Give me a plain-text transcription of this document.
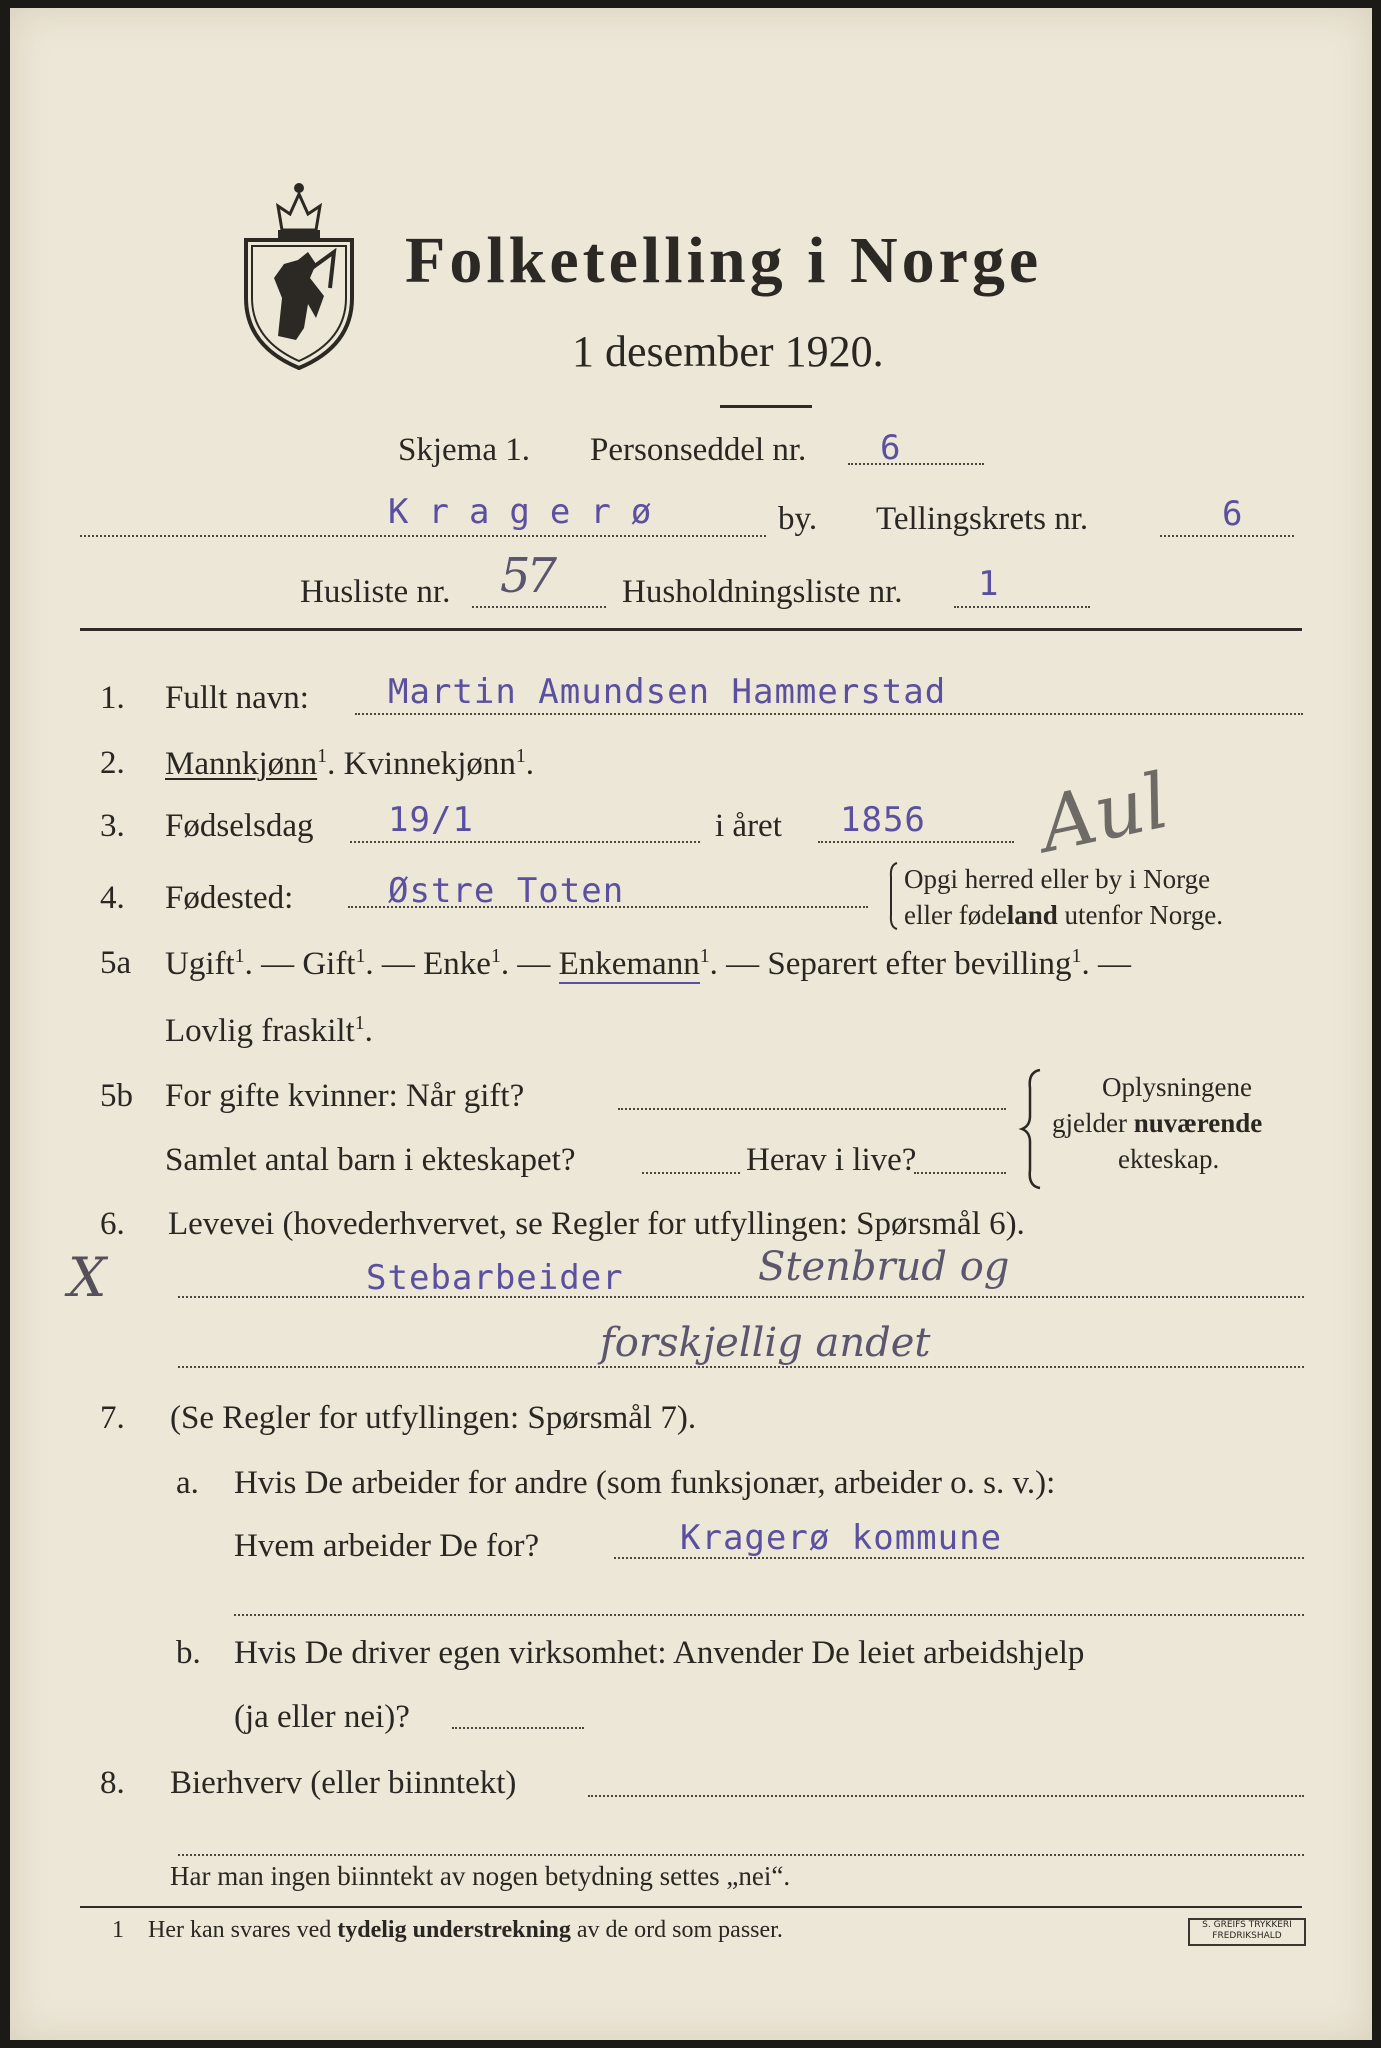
Folketelling i Norge
1 desember 1920.
Skjema 1. Personseddel nr. 6
Kragerø	by. Tellingskrets nr.	6
Husliste nr. 57 Husholdningsliste nr. 1
1. Fullt navn: Martin Amundsen Hammerstad
2. Mannkjønn$^1$. Kvinnekjønn$^1$.
3. Fødselsdag 19/1	i året 1856 Aul
4. Fødested:	Østre Toten	Opgi herred eller by i Norge
eller fødeland utenfor Norge.
5a Ugift$^1$. — Gift$^1$. — Enke$^1$. — Enkemann$^1$. — Separert efter bevilling$^1$. —
Lovlig fraskilt$^1$.
5b For gifte kvinner: Når gift?
Samlet antal barn i ekteskapet?	Herav i live?
Oplysningene
gjelder nuværende
ekteskap.
6. Levevei (hovederhvervet, se Regler for utfyllingen: Spørsmål 6).
X	Stebarbeider	Stenbrud og
forskjellig andet
7. (Se Regler for utfyllingen: Spørsmål 7).
a. Hvis De arbeider for andre (som funksjonær, arbeider o. s. v.):
Hvem arbeider De for?	Kragerø kommune
b. Hvis De driver egen virksomhet: Anvender De leiet arbeidshjelp
(ja eller nei)?
8. Bierhverv (eller biinntekt)
Har man ingen biinntekt av nogen betydning settes „nei“.
1 Her kan svares ved tydelig understrekning av de ord som passer.	S. GREIFS TRYKKERI
FREDRIKSHALD
